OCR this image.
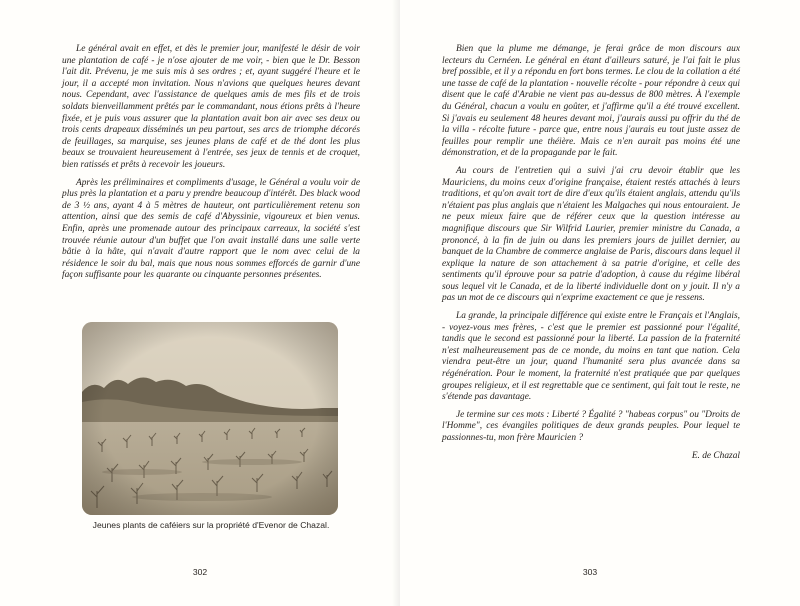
Le général avait en effet, et dès le premier jour, manifesté le désir de voir une plantation de café - je n'ose ajouter de me voir, - bien que le Dr. Besson l'ait dit. Prévenu, je me suis mis à ses ordres ; et, ayant suggéré l'heure et le jour, il a accepté mon invitation. Nous n'avions que quelques heures devant nous. Cependant, avec l'assistance de quelques amis de mes fils et de trois soldats bienveillamment prêtés par le commandant, nous étions prêts à l'heure fixée, et je puis vous assurer que la plantation avait bon air avec ses deux ou trois cents drapeaux disséminés un peu partout, ses arcs de triomphe décorés de feuillages, sa marquise, ses jeunes plans de café et de thé dont les plus beaux se trouvaient heureusement à l'entrée, ses jeux de tennis et de croquet, bien ratissés et prêts à recevoir les joueurs.

Après les préliminaires et compliments d'usage, le Général a voulu voir de plus près la plantation et a paru y prendre beaucoup d'intérêt. Des black wood de 3 ½ ans, ayant 4 à 5 mètres de hauteur, ont particulièrement retenu son attention, ainsi que des semis de café d'Abyssinie, vigoureux et bien venus. Enfin, après une promenade autour des principaux carreaux, la société s'est trouvée réunie autour d'un buffet que l'on avait installé dans une salle verte bâtie à la hâte, qui n'avait d'autre rapport que le nom avec celui de la résidence le soir du bal, mais que nous nous sommes efforcés de garnir d'une façon suffisante pour les quarante ou cinquante personnes présentes.

Jeunes plants de caféiers sur la propriété d'Evenor de Chazal.
302

Bien que la plume me démange, je ferai grâce de mon discours aux lecteurs du Cernéen. Le général en étant d'ailleurs saturé, je l'ai fait le plus bref possible, et il y a répondu en fort bons termes. Le clou de la collation a été une tasse de café de la plantation - nouvelle récolte - pour répondre à ceux qui disent que le café d'Arabie ne vient pas au-dessus de 800 mètres. À l'exemple du Général, chacun a voulu en goûter, et j'affirme qu'il a été trouvé excellent. Si j'avais eu seulement 48 heures devant moi, j'aurais aussi pu offrir du thé de la villa - récolte future - parce que, entre nous j'aurais eu tout juste assez de feuilles pour remplir une théière. Mais ce n'en aurait pas moins été une démonstration, et de la propagande par le fait.

Au cours de l'entretien qui a suivi j'ai cru devoir établir que les Mauriciens, du moins ceux d'origine française, étaient restés attachés à leurs traditions, et qu'on avait tort de dire d'eux qu'ils étaient anglais, attendu qu'ils n'étaient pas plus anglais que n'étaient les Malgaches qui nous entouraient. Je ne peux mieux faire que de référer ceux que la question intéresse au magnifique discours que Sir Wilfrid Laurier, premier ministre du Canada, a prononcé, à la fin de juin ou dans les premiers jours de juillet dernier, au banquet de la Chambre de commerce anglaise de Paris, discours dans lequel il explique la nature de son attachement à sa patrie d'origine, et celle des sentiments qu'il éprouve pour sa patrie d'adoption, à cause du régime libéral sous lequel vit le Canada, et de la liberté individuelle dont on y jouit. Il n'y a pas un mot de ce discours qui n'exprime exactement ce que je ressens.

La grande, la principale différence qui existe entre le Français et l'Anglais, - voyez-vous mes frères, - c'est que le premier est passionné pour l'égalité, tandis que le second est passionné pour la liberté. La passion de la fraternité n'est malheureusement pas de ce monde, du moins en tant que nation. Cela viendra peut-être un jour, quand l'humanité sera plus avancée dans sa régénération. Pour le moment, la fraternité n'est pratiquée que par quelques groupes religieux, et il est regrettable que ce sentiment, qui fait tout le reste, ne s'étende pas davantage.

Je termine sur ces mots : Liberté ? Égalité ? "habeas corpus" ou "Droits de l'Homme", ces évangiles politiques de deux grands peuples. Pour lequel te passionnes-tu, mon frère Mauricien ?

E. de Chazal
303
